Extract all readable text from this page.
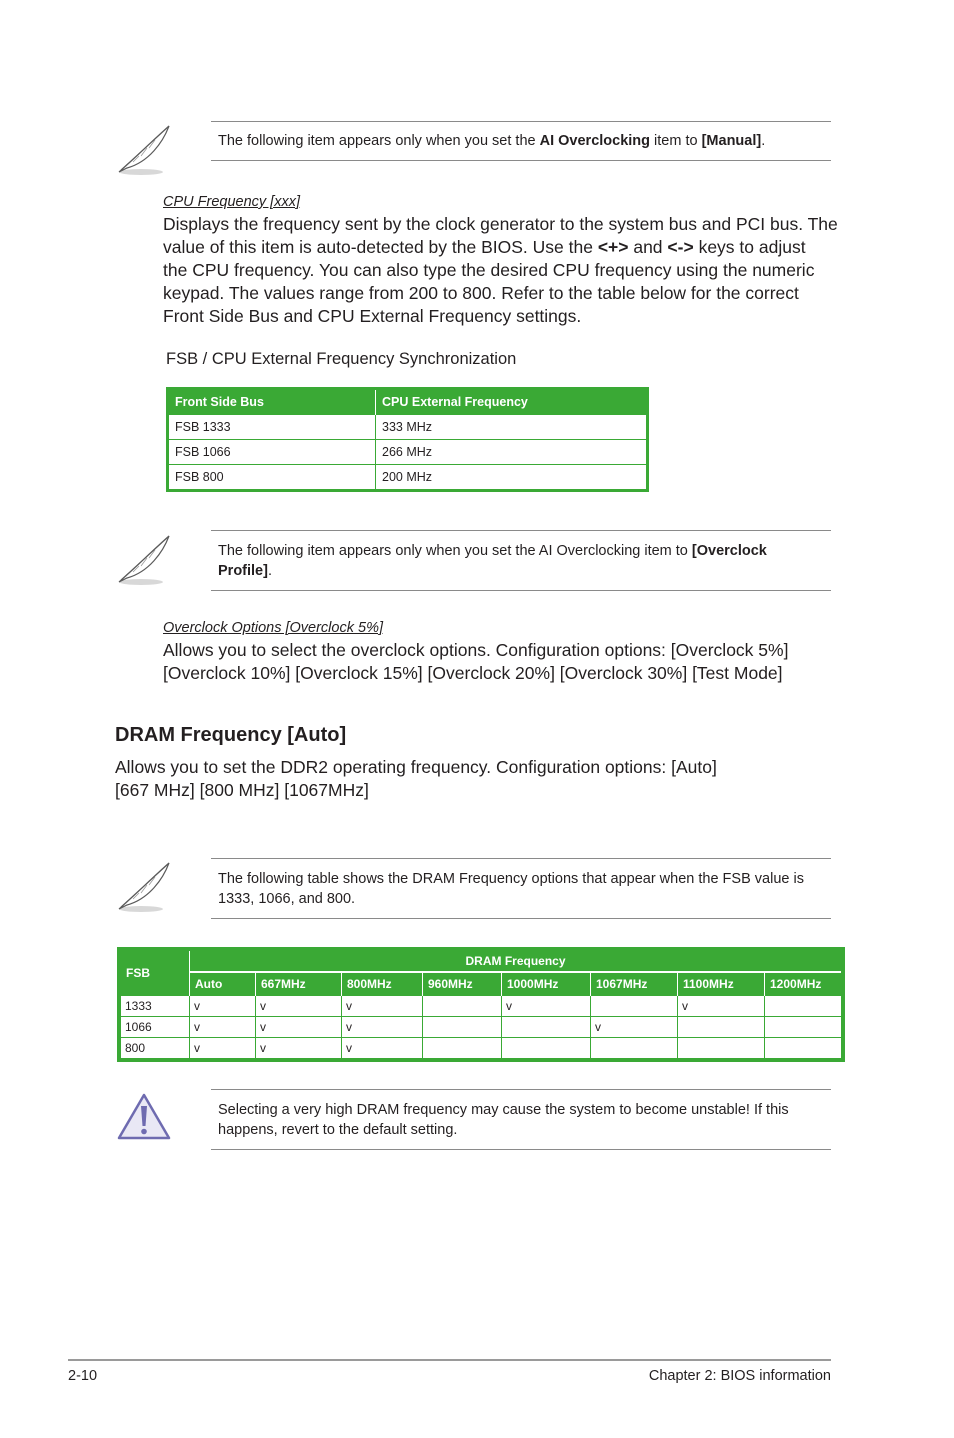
The following item appears only when you set the AI Overclocking item to [Manual].
CPU Frequency [xxx]
Displays the frequency sent by the clock generator to the system bus and PCI bus. The
value of this item is auto-detected by the BIOS. Use the <+> and <-> keys to adjust
the CPU frequency. You can also type the desired CPU frequency using the numeric
keypad. The values range from 200 to 800. Refer to the table below for the correct
Front Side Bus and CPU External Frequency settings.
FSB / CPU External Frequency Synchronization
Front Side Bus	CPU External Frequency
FSB 1333	333 MHz
FSB 1066	266 MHz
FSB 800	200 MHz
The following item appears only when you set the AI Overclocking item to [Overclock
Profile].
Overclock Options [Overclock 5%]
Allows you to select the overclock options. Configuration options: [Overclock 5%]
[Overclock 10%] [Overclock 15%] [Overclock 20%] [Overclock 30%] [Test Mode]
DRAM Frequency [Auto]
Allows you to set the DDR2 operating frequency. Configuration options: [Auto]
[667 MHz] [800 MHz] [1067MHz]
The following table shows the DRAM Frequency options that appear when the FSB value is
1333, 1066, and 800.
FSB	DRAM Frequency							
	Auto	667MHz	800MHz	960MHz	1000MHz	1067MHz	1100MHz	1200MHz
1333	v	v	v		v		v	
1066	v	v	v			v		
800	v	v	v					
Selecting a very high DRAM frequency may cause the system to become unstable! If this
happens, revert to the default setting.
2-10	Chapter 2: BIOS information
